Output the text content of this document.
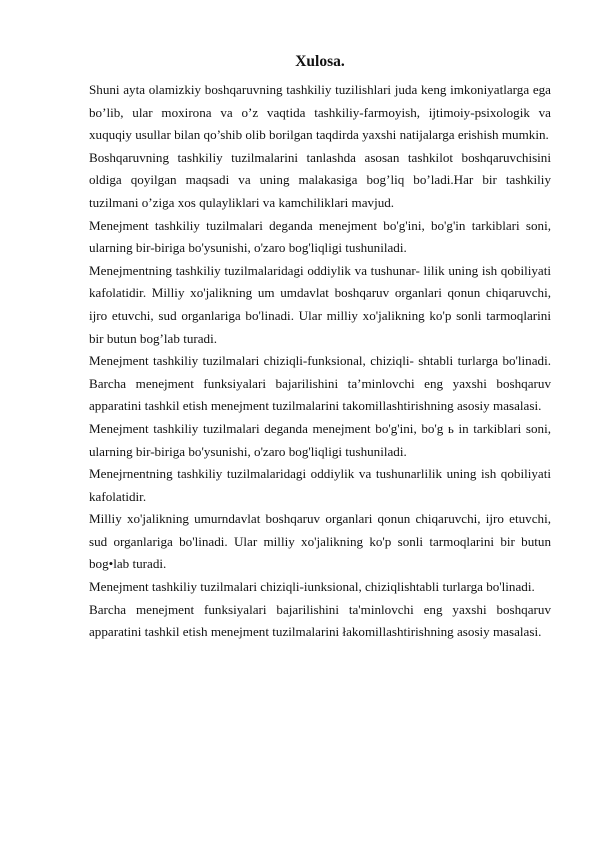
Xulosa.

Shuni ayta olamizkiy boshqaruvning tashkiliy tuzilishlari juda keng imkoniyatlarga ega bo’lib, ular moxirona va o’z vaqtida tashkiliy-farmoyish, ijtimoiy-psixologik va xuquqiy usullar bilan qo’shib olib borilgan taqdirda yaxshi natijalarga erishish mumkin.

Boshqaruvning tashkiliy tuzilmalarini tanlashda asosan tashkilot boshqaruvchisini oldiga qoyilgan maqsadi va uning malakasiga bog’liq bo’ladi.Har bir tashkiliy tuzilmani o’ziga xos qulayliklari va kamchiliklari mavjud.

Menejment tashkiliy tuzilmalari deganda menejment bo'g'ini, bo'g'in tarkiblari soni, ularning bir-biriga bo'ysunishi, o'zaro bog'liqligi tushuniladi.

Menejmentning tashkiliy tuzilmalaridagi oddiylik va tushunar- lilik uning ish qobiliyati kafolatidir. Milliy xo'jalikning um umdavlat boshqaruv organlari qonun chiqaruvchi, ijro etuvchi, sud organlariga bo'linadi. Ular milliy xo'jalikning ko'p sonli tarmoqlarini bir butun bog’lab turadi.

Menejment tashkiliy tuzilmalari chiziqli-funksional, chiziqli- shtabli turlarga bo'linadi. Barcha menejment funksiyalari bajarilishini ta’minlovchi eng yaxshi boshqaruv apparatini tashkil etish menejment tuzilmalarini takomillashtirishning asosiy masalasi.

Menejment tashkiliy tuzilmalari deganda menejment bo'g'ini, bo'g ь in tarkiblari soni, ularning bir-biriga bo'ysunishi, o'zaro bog'liqligi tushuniladi.

Menejrnentning tashkiliy tuzilmalaridagi oddiylik va tushunarlilik uning ish qobiliyati kafolatidir.

Milliy xo'jalikning umurndavlat boshqaruv organlari qonun chiqaruvchi, ijro etuvchi, sud organlariga bo'linadi. Ular milliy xo'jalikning ko'p sonli tarmoqlarini bir butun bog•lab turadi.

Menejment tashkiliy tuzilmalari chiziqli-iunksional, chiziqlishtabli turlarga bo'linadi.

Barcha menejment funksiyalari bajarilishini ta'minlovchi eng yaxshi boshqaruv apparatini tashkil etish menejment tuzilmalarini łakomillashtirishning asosiy masalasi.
